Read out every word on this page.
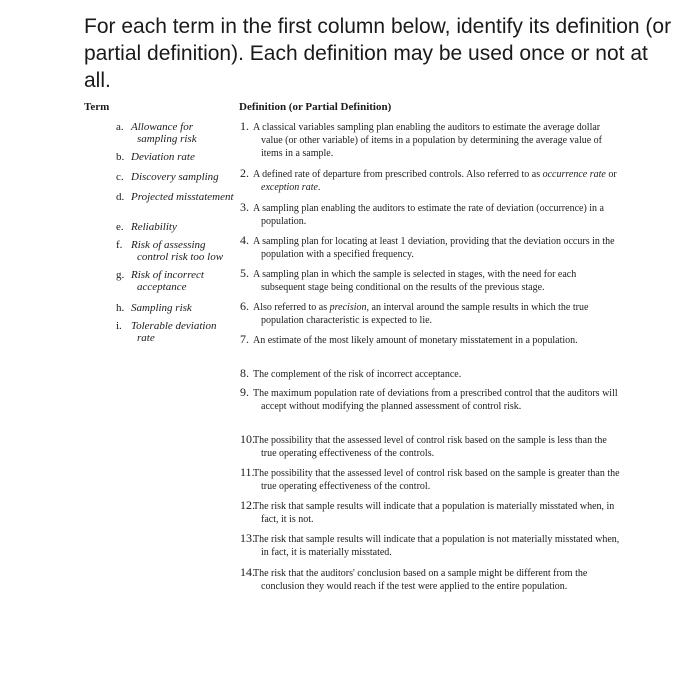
For each term in the first column below, identify its definition (or partial definition). Each definition may be used once or not at all.
Term	Definition (or Partial Definition)
a. Allowance for sampling risk
b. Deviation rate
c. Discovery sampling
d. Projected misstatement
e. Reliability
f. Risk of assessing control risk too low
g. Risk of incorrect acceptance
h. Sampling risk
i. Tolerable deviation rate
1. A classical variables sampling plan enabling the auditors to estimate the average dollar value (or other variable) of items in a population by determining the average value of items in a sample.
2. A defined rate of departure from prescribed controls. Also referred to as occurrence rate or exception rate.
3. A sampling plan enabling the auditors to estimate the rate of deviation (occurrence) in a population.
4. A sampling plan for locating at least 1 deviation, providing that the deviation occurs in the population with a specified frequency.
5. A sampling plan in which the sample is selected in stages, with the need for each subsequent stage being conditional on the results of the previous stage.
6. Also referred to as precision, an interval around the sample results in which the true population characteristic is expected to lie.
7. An estimate of the most likely amount of monetary misstatement in a population.
8. The complement of the risk of incorrect acceptance.
9. The maximum population rate of deviations from a prescribed control that the auditors will accept without modifying the planned assessment of control risk.
10.
The possibility that the assessed level of control risk based on the sample is less than the true operating effectiveness of the controls.
11.
The possibility that the assessed level of control risk based on the sample is greater than the true operating effectiveness of the control.
12.
The risk that sample results will indicate that a population is materially misstated when, in fact, it is not.
13.
The risk that sample results will indicate that a population is not materially misstated when, in fact, it is materially misstated.
14.
The risk that the auditors' conclusion based on a sample might be different from the conclusion they would reach if the test were applied to the entire population.
